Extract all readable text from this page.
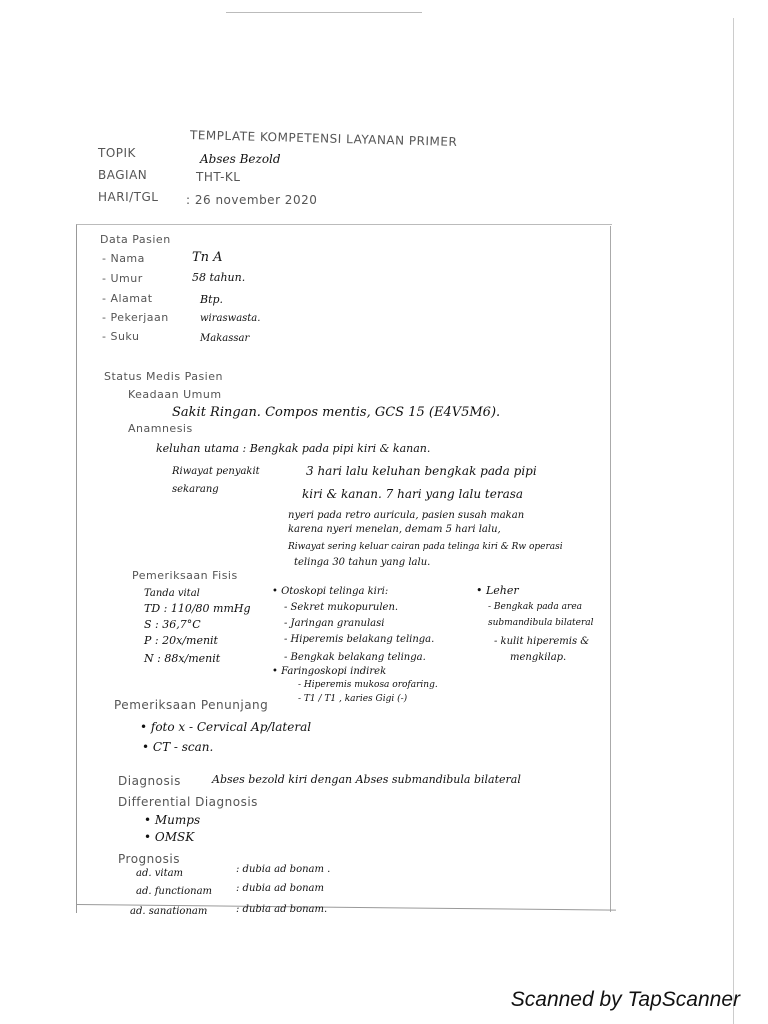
TEMPLATE KOMPETENSI LAYANAN PRIMER
TOPIK	Abses Bezold
BAGIAN	THT-KL
HARI/TGL : 26 november 2020
Data Pasien
- Nama	Tn A
- Umur	58 tahun.
- Alamat	Btp.
- Pekerjaan	wiraswasta.
- Suku	Makassar
Status Medis Pasien
Keadaan Umum
Sakit Ringan. Compos mentis, GCS 15 (E4V5M6).
Anamnesis
keluhan utama : Bengkak pada pipi kiri & kanan.
Riwayat penyakit
sekarang
3 hari lalu keluhan bengkak pada pipi
kiri & kanan. 7 hari yang lalu terasa
nyeri pada retro auricula, pasien susah makan
karena nyeri menelan, demam 5 hari lalu,
Riwayat sering keluar cairan pada telinga kiri & Rw operasi
telinga 30 tahun yang lalu.
Pemeriksaan Fisis
Tanda vital
TD : 110/80 mmHg
S : 36,7°C
P : 20x/menit
N : 88x/menit
• Otoskopi telinga kiri:
- Sekret mukopurulen.
- Jaringan granulasi
- Hiperemis belakang telinga.
- Bengkak belakang telinga.
• Faringoskopi indirek
- Hiperemis mukosa orofaring.
- T1 / T1 , karies Gigi (-)
• Leher
- Bengkak pada area
submandibula bilateral
- kulit hiperemis &
mengkilap.
Pemeriksaan Penunjang
• foto x - Cervical Ap/lateral
• CT - scan.
Diagnosis	Abses bezold kiri dengan Abses submandibula bilateral
Differential Diagnosis
• Mumps
• OMSK
Prognosis
ad. vitam	: dubia ad bonam .
ad. functionam : dubia ad bonam
ad. sanationam	: dubia ad bonam.
Scanned by TapScanner
